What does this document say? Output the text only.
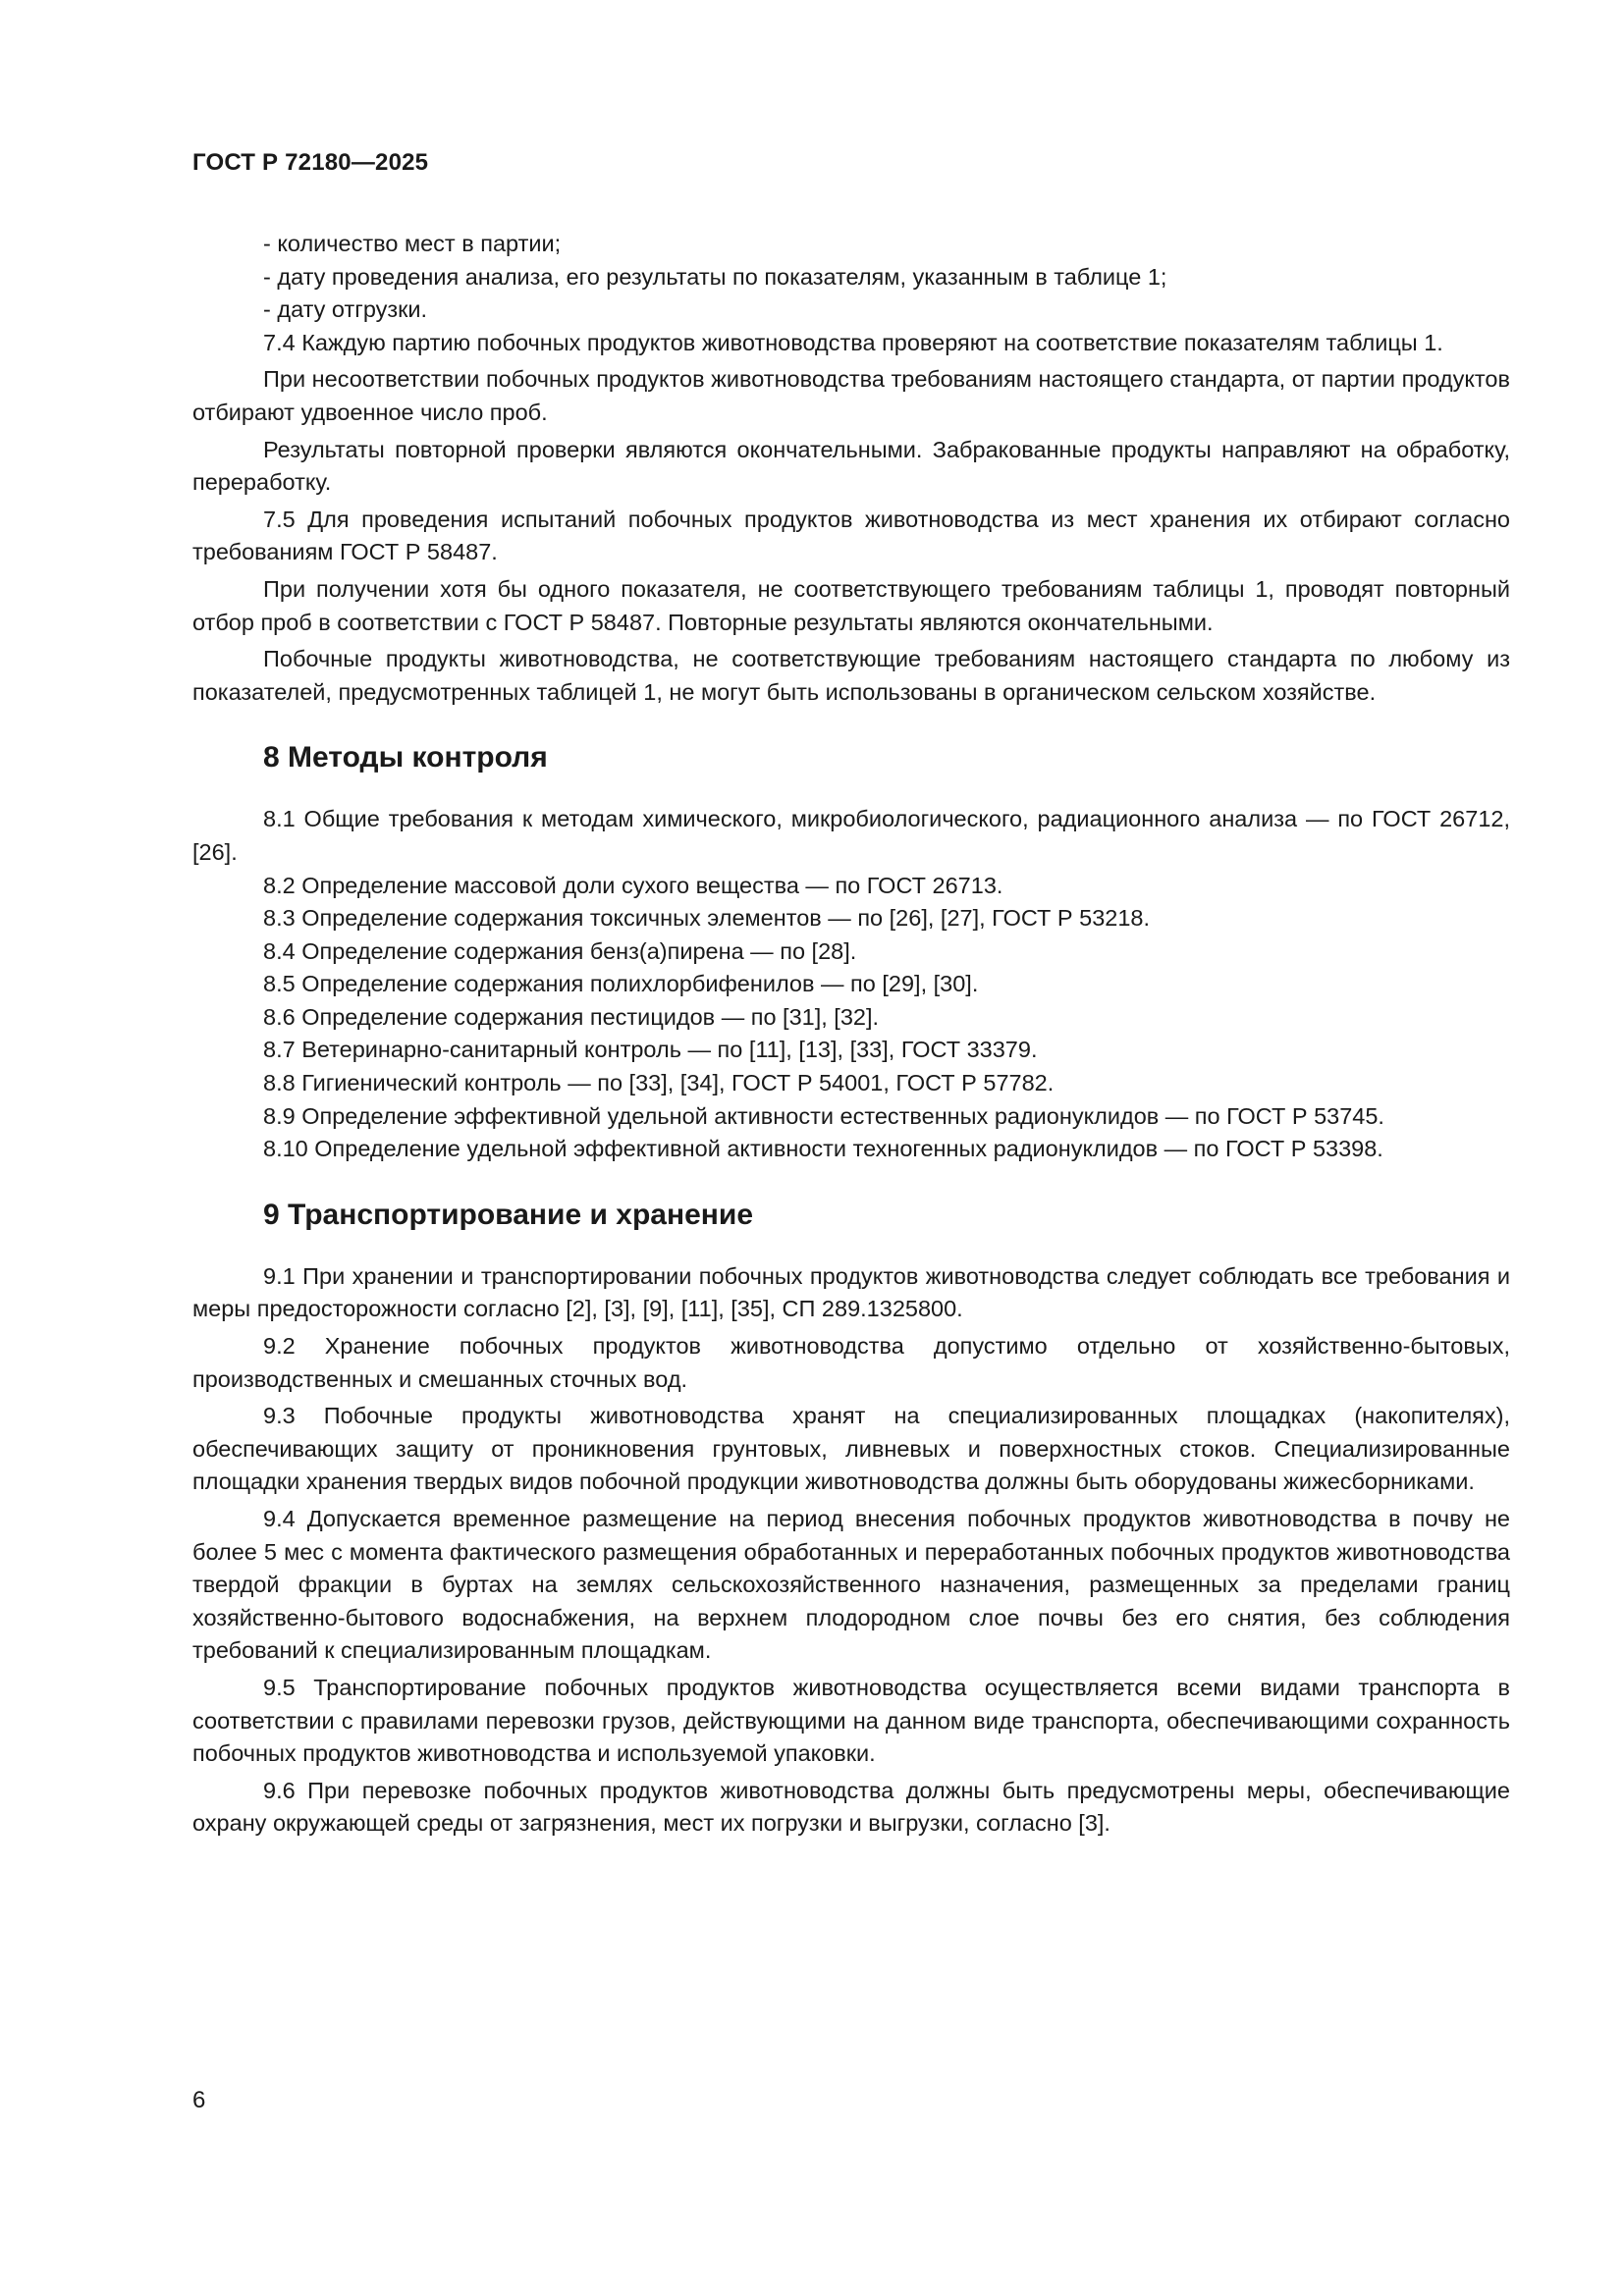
ГОСТ Р 72180—2025

- количество мест в партии;

- дату проведения анализа, его результаты по показателям, указанным в таблице 1;

- дату отгрузки.

7.4 Каждую партию побочных продуктов животноводства проверяют на соответствие показателям таблицы 1.

При несоответствии побочных продуктов животноводства требованиям настоящего стандарта, от партии продуктов отбирают удвоенное число проб.

Результаты повторной проверки являются окончательными. Забракованные продукты направляют на обработку, переработку.

7.5 Для проведения испытаний побочных продуктов животноводства из мест хранения их отбирают согласно требованиям ГОСТ Р 58487.

При получении хотя бы одного показателя, не соответствующего требованиям таблицы 1, проводят повторный отбор проб в соответствии с ГОСТ Р 58487. Повторные результаты являются окончательными.

Побочные продукты животноводства, не соответствующие требованиям настоящего стандарта по любому из показателей, предусмотренных таблицей 1, не могут быть использованы в органическом сельском хозяйстве.

8 Методы контроля

8.1 Общие требования к методам химического, микробиологического, радиационного анализа — по ГОСТ 26712, [26].

8.2 Определение массовой доли сухого вещества — по ГОСТ 26713.

8.3 Определение содержания токсичных элементов — по [26], [27], ГОСТ Р 53218.

8.4 Определение содержания бенз(а)пирена — по [28].

8.5 Определение содержания полихлорбифенилов — по [29], [30].

8.6 Определение содержания пестицидов — по [31], [32].

8.7 Ветеринарно-санитарный контроль — по [11], [13], [33], ГОСТ 33379.

8.8 Гигиенический контроль — по [33], [34], ГОСТ Р 54001, ГОСТ Р 57782.

8.9 Определение эффективной удельной активности естественных радионуклидов — по ГОСТ Р 53745.

8.10 Определение удельной эффективной активности техногенных радионуклидов — по ГОСТ Р 53398.

9 Транспортирование и хранение

9.1 При хранении и транспортировании побочных продуктов животноводства следует соблюдать все требования и меры предосторожности согласно [2], [3], [9], [11], [35], СП 289.1325800.

9.2 Хранение побочных продуктов животноводства допустимо отдельно от хозяйственно-бытовых, производственных и смешанных сточных вод.

9.3 Побочные продукты животноводства хранят на специализированных площадках (накопителях), обеспечивающих защиту от проникновения грунтовых, ливневых и поверхностных стоков. Специализированные площадки хранения твердых видов побочной продукции животноводства должны быть оборудованы жижесборниками.

9.4 Допускается временное размещение на период внесения побочных продуктов животноводства в почву не более 5 мес с момента фактического размещения обработанных и переработанных побочных продуктов животноводства твердой фракции в буртах на землях сельскохозяйственного назначения, размещенных за пределами границ хозяйственно-бытового водоснабжения, на верхнем плодородном слое почвы без его снятия, без соблюдения требований к специализированным площадкам.

9.5 Транспортирование побочных продуктов животноводства осуществляется всеми видами транспорта в соответствии с правилами перевозки грузов, действующими на данном виде транспорта, обеспечивающими сохранность побочных продуктов животноводства и используемой упаковки.

9.6 При перевозке побочных продуктов животноводства должны быть предусмотрены меры, обеспечивающие охрану окружающей среды от загрязнения, мест их погрузки и выгрузки, согласно [3].

6
